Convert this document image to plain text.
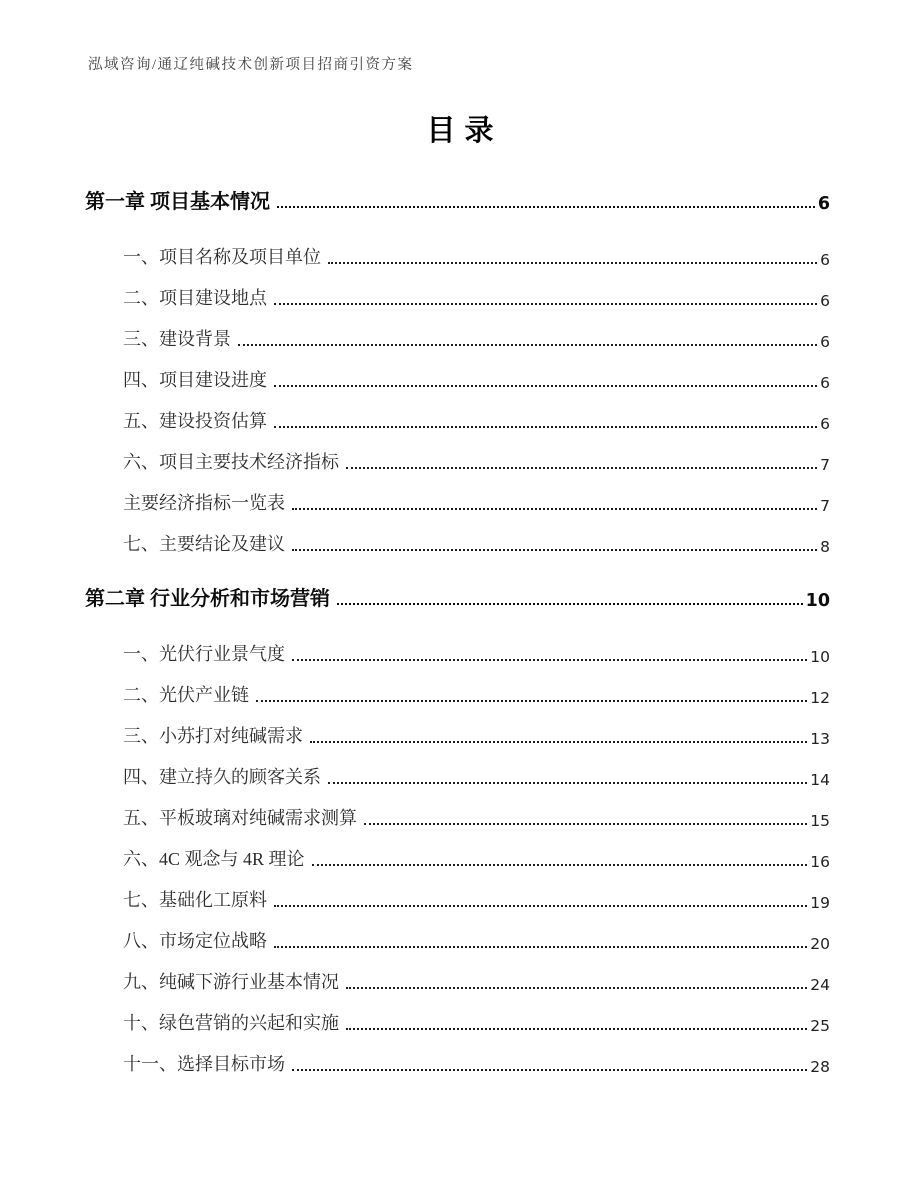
泓域咨询/通辽纯碱技术创新项目招商引资方案
目录
第一章 项目基本情况	6
一、项目名称及项目单位	6
二、项目建设地点	6
三、建设背景	6
四、项目建设进度	6
五、建设投资估算	6
六、项目主要技术经济指标	7
主要经济指标一览表	7
七、主要结论及建议	8
第二章 行业分析和市场营销	10
一、光伏行业景气度	10
二、光伏产业链	12
三、小苏打对纯碱需求	13
四、建立持久的顾客关系	14
五、平板玻璃对纯碱需求测算	15
六、4C 观念与 4R 理论	16
七、基础化工原料	19
八、市场定位战略	20
九、纯碱下游行业基本情况	24
十、绿色营销的兴起和实施	25
十一、选择目标市场	28
